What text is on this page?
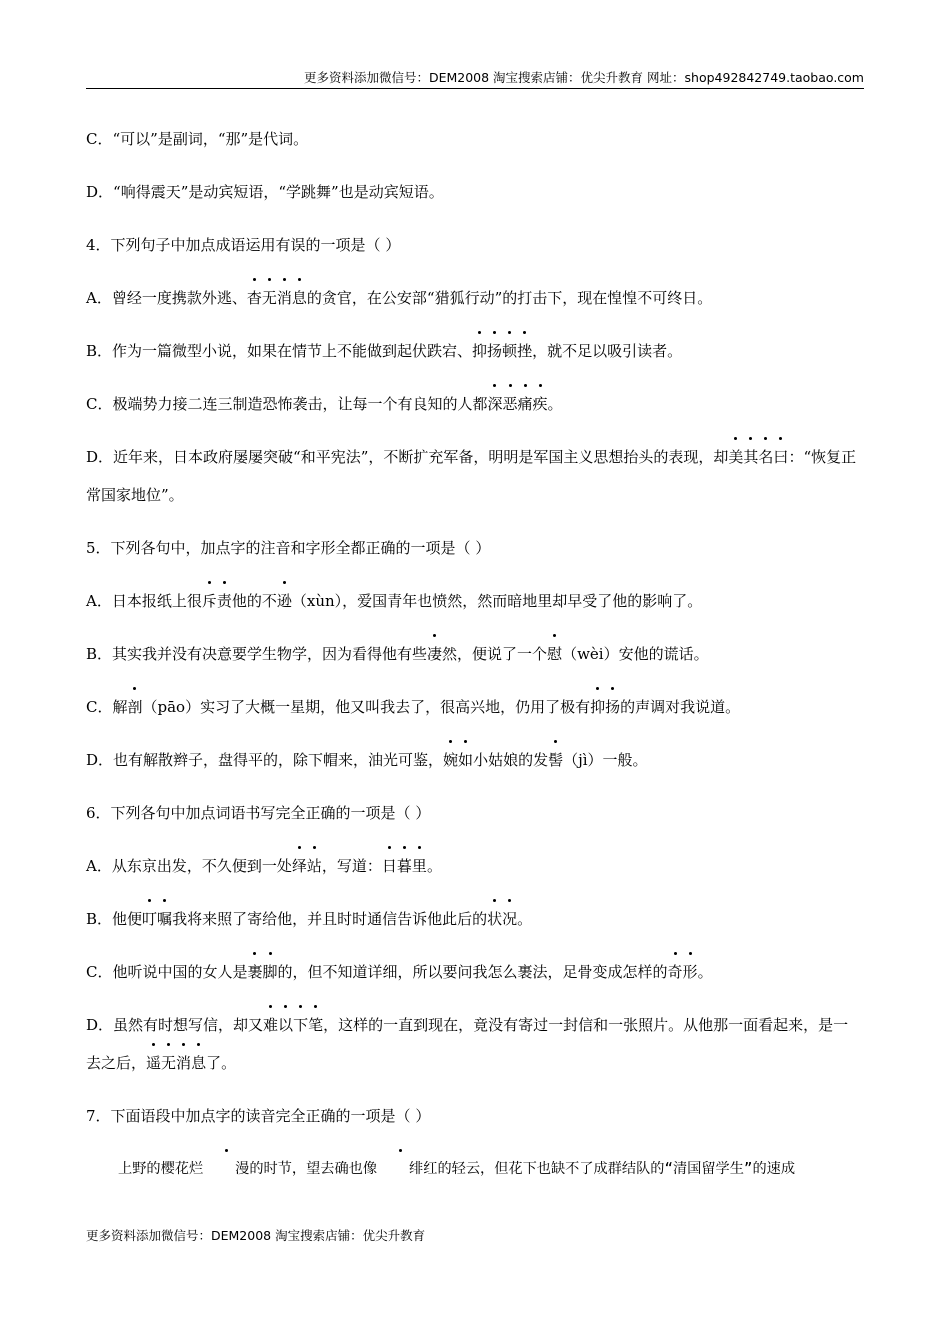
更多资料添加微信号：DEM2008 淘宝搜索店铺：优尖升教育 网址：shop492842749.taobao.com

C．“可以”是副词，“那”是代词。

D．“响得震天”是动宾短语，“学跳舞”也是动宾短语。

4．下列句子中加点成语运用有误的一项是（ ）

A．曾经一度携款外逃、杳无消息的贪官，在公安部“猎狐行动”的打击下，现在惶惶不可终日。

B．作为一篇微型小说，如果在情节上不能做到起伏跌宕、抑扬顿挫，就不足以吸引读者。

C．极端势力接二连三制造恐怖袭击，让每一个有良知的人都深恶痛疾。

D．近年来，日本政府屡屡突破“和平宪法”，不断扩充军备，明明是军国主义思想抬头的表现，却美其名曰：“恢复正常国家地位”。

5．下列各句中，加点字的注音和字形全都正确的一项是（ ）

A．日本报纸上很斥责他的不逊（xùn），爱国青年也愤然，然而暗地里却早受了他的影响了。

B．其实我并没有决意要学生物学，因为看得他有些凄然，便说了一个慰（wèi）安他的谎话。

C．解剖（pāo）实习了大概一星期，他又叫我去了，很高兴地，仍用了极有抑扬的声调对我说道。

D．也有解散辫子，盘得平的，除下帽来，油光可鉴，婉如小姑娘的发髻（jì）一般。

6．下列各句中加点词语书写完全正确的一项是（ ）

A．从东京出发，不久便到一处绎站，写道：日暮里。

B．他便叮嘱我将来照了寄给他，并且时时通信告诉他此后的状况。

C．他听说中国的女人是裹脚的，但不知道详细，所以要问我怎么裹法，足骨变成怎样的奇形。

D．虽然有时想写信，却又难以下笔，这样的一直到现在，竟没有寄过一封信和一张照片。从他那一面看起来，是一去之后，遥无消息了。

7．下面语段中加点字的读音完全正确的一项是（ ）

上野的樱花烂 漫的时节，望去确也像 绯红的轻云，但花下也缺不了成群结队的“清国留学生”的速成

更多资料添加微信号：DEM2008 淘宝搜索店铺：优尖升教育
